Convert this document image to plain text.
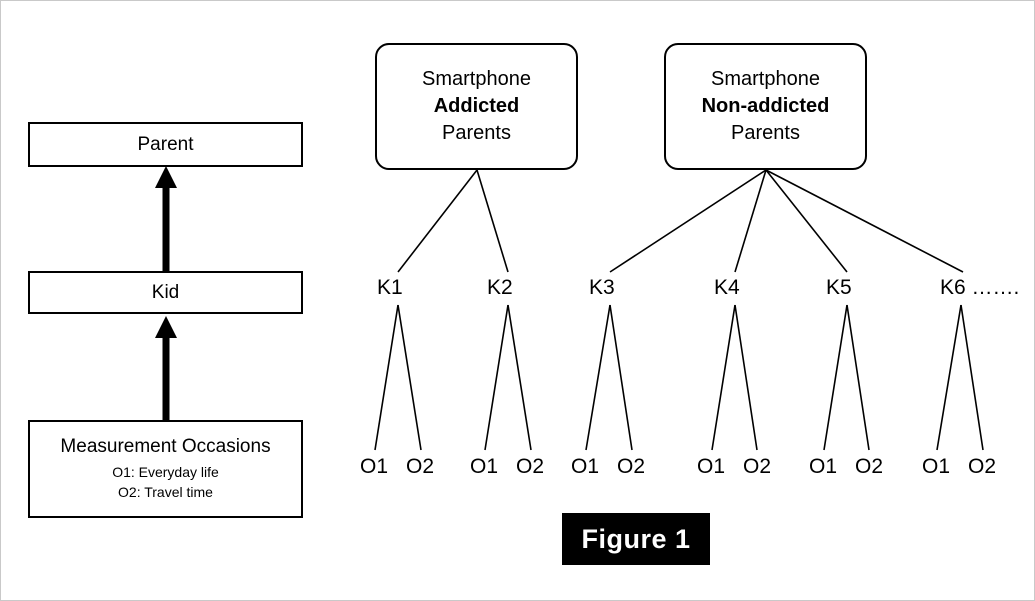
Parent
Kid
Measurement Occasions
O1: Everyday life
O2: Travel time
Smartphone
Addicted
Parents
Smartphone
Non-addicted
Parents
K1	K2	K3	K4	K5	K6 …….
O1 O2 O1 O2 O1 O2 O1 O2 O1 O2 O1 O2
Figure 1
